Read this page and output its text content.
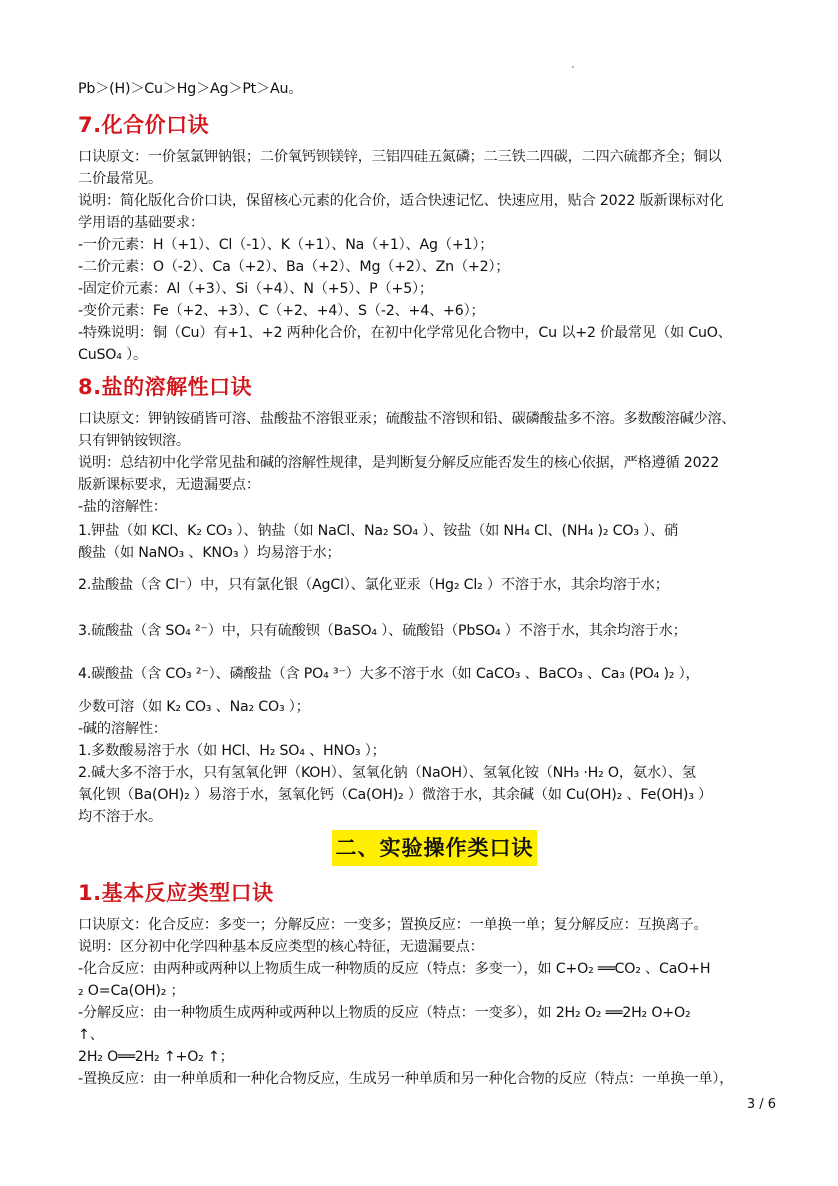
Pb＞(H)＞Cu＞Hg＞Ag＞Pt＞Au。
7.化合价口诀
口诀原文：一价氢氯钾钠银；二价氧钙钡镁锌，三铝四硅五氮磷；二三铁二四碳，二四六硫都齐全；铜以
二价最常见。
说明：简化版化合价口诀，保留核心元素的化合价，适合快速记忆、快速应用，贴合 2022 版新课标对化
学用语的基础要求：
-一价元素：H（+1）、Cl（-1）、K（+1）、Na（+1）、Ag（+1）；
-二价元素：O（-2）、Ca（+2）、Ba（+2）、Mg（+2）、Zn（+2）；
-固定价元素：Al（+3）、Si（+4）、N（+5）、P（+5）；
-变价元素：Fe（+2、+3）、C（+2、+4）、S（-2、+4、+6）；
-特殊说明：铜（Cu）有+1、+2 两种化合价，在初中化学常见化合物中，Cu 以+2 价最常见（如 CuO、
CuSO₄ ）。
8.盐的溶解性口诀
口诀原文：钾钠铵硝皆可溶、盐酸盐不溶银亚汞；硫酸盐不溶钡和铅、碳磷酸盐多不溶。多数酸溶碱少溶、
只有钾钠铵钡溶。
说明：总结初中化学常见盐和碱的溶解性规律，是判断复分解反应能否发生的核心依据，严格遵循 2022
版新课标要求，无遗漏要点：
-盐的溶解性：
1.钾盐（如 KCl、K₂ CO₃ ）、钠盐（如 NaCl、Na₂ SO₄ ）、铵盐（如 NH₄ Cl、(NH₄ )₂ CO₃ ）、硝
酸盐（如 NaNO₃ 、KNO₃ ）均易溶于水；
2.盐酸盐（含 Cl⁻）中，只有氯化银（AgCl）、氯化亚汞（Hg₂ Cl₂ ）不溶于水，其余均溶于水；
3.硫酸盐（含 SO₄ ²⁻）中，只有硫酸钡（BaSO₄ ）、硫酸铅（PbSO₄ ）不溶于水，其余均溶于水；
4.碳酸盐（含 CO₃ ²⁻）、磷酸盐（含 PO₄ ³⁻）大多不溶于水（如 CaCO₃ 、BaCO₃ 、Ca₃ (PO₄ )₂ ），
少数可溶（如 K₂ CO₃ 、Na₂ CO₃ ）；
-碱的溶解性：
1.多数酸易溶于水（如 HCl、H₂ SO₄ 、HNO₃ ）；
2.碱大多不溶于水，只有氢氧化钾（KOH）、氢氧化钠（NaOH）、氢氧化铵（NH₃ ·H₂ O，氨水）、氢
氧化钡（Ba(OH)₂ ）易溶于水，氢氧化钙（Ca(OH)₂ ）微溶于水，其余碱（如 Cu(OH)₂ 、Fe(OH)₃ ）
均不溶于水。
二、实验操作类口诀
1.基本反应类型口诀
口诀原文：化合反应：多变一；分解反应：一变多；置换反应：一单换一单；复分解反应：互换离子。
说明：区分初中化学四种基本反应类型的核心特征，无遗漏要点：
-化合反应：由两种或两种以上物质生成一种物质的反应（特点：多变一），如 C+O₂ ══CO₂ 、CaO+H
₂ O=Ca(OH)₂ ；
-分解反应：由一种物质生成两种或两种以上物质的反应（特点：一变多），如 2H₂ O₂ ══2H₂ O+O₂
↑、
2H₂ O══2H₂ ↑+O₂ ↑；
-置换反应：由一种单质和一种化合物反应，生成另一种单质和另一种化合物的反应（特点：一单换一单），
3 / 6
